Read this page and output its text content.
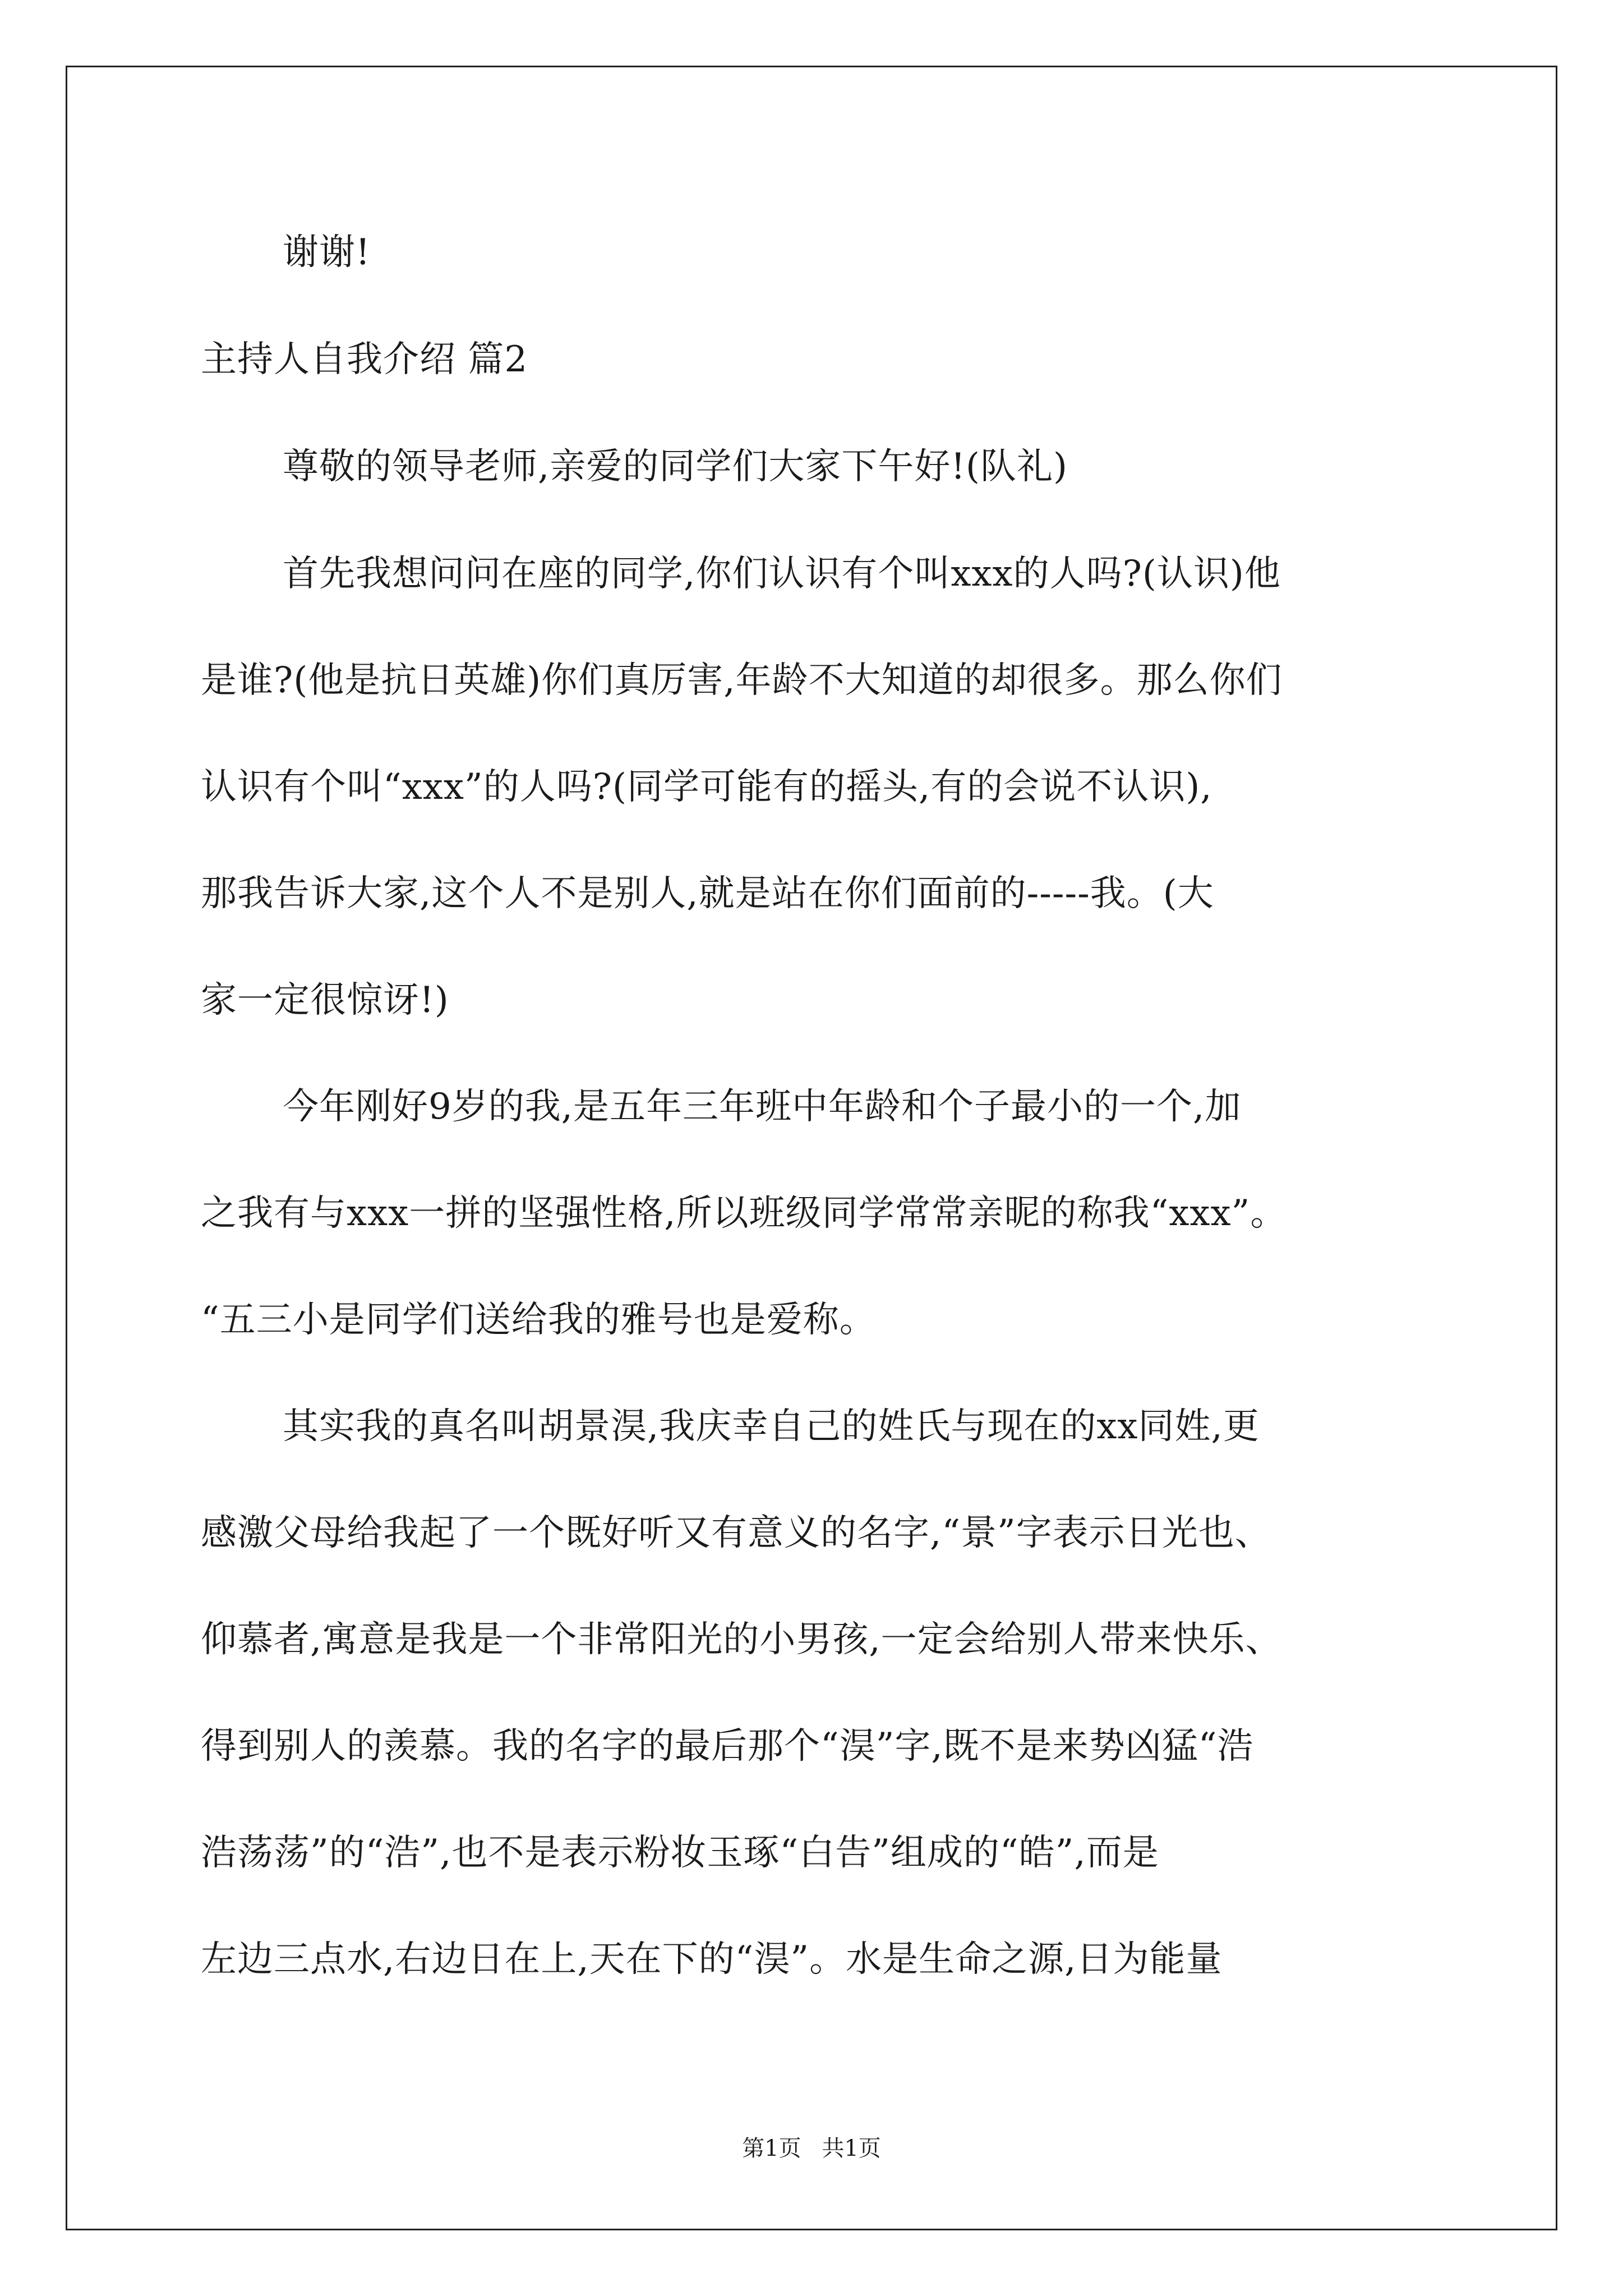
谢谢!
主持人自我介绍 篇2
尊敬的领导老师,亲爱的同学们大家下午好!(队礼)
首先我想问问在座的同学,你们认识有个叫xxx的人吗?(认识)他
是谁?(他是抗日英雄)你们真厉害,年龄不大知道的却很多。那么你们
认识有个叫“xxx”的人吗?(同学可能有的摇头,有的会说不认识),
那我告诉大家,这个人不是别人,就是站在你们面前的-----我。(大
家一定很惊讶!)
今年刚好9岁的我,是五年三年班中年龄和个子最小的一个,加
之我有与xxx一拼的坚强性格,所以班级同学常常亲昵的称我“xxx”。
“五三小是同学们送给我的雅号也是爱称。
其实我的真名叫胡景淏,我庆幸自己的姓氏与现在的xx同姓,更
感激父母给我起了一个既好听又有意义的名字,“景”字表示日光也、
仰慕者,寓意是我是一个非常阳光的小男孩,一定会给别人带来快乐、
得到别人的羡慕。我的名字的最后那个“淏”字,既不是来势凶猛“浩
浩荡荡”的“浩”,也不是表示粉妆玉琢“白告”组成的“皓”,而是
左边三点水,右边日在上,天在下的“淏”。水是生命之源,日为能量
第1页 共1页
